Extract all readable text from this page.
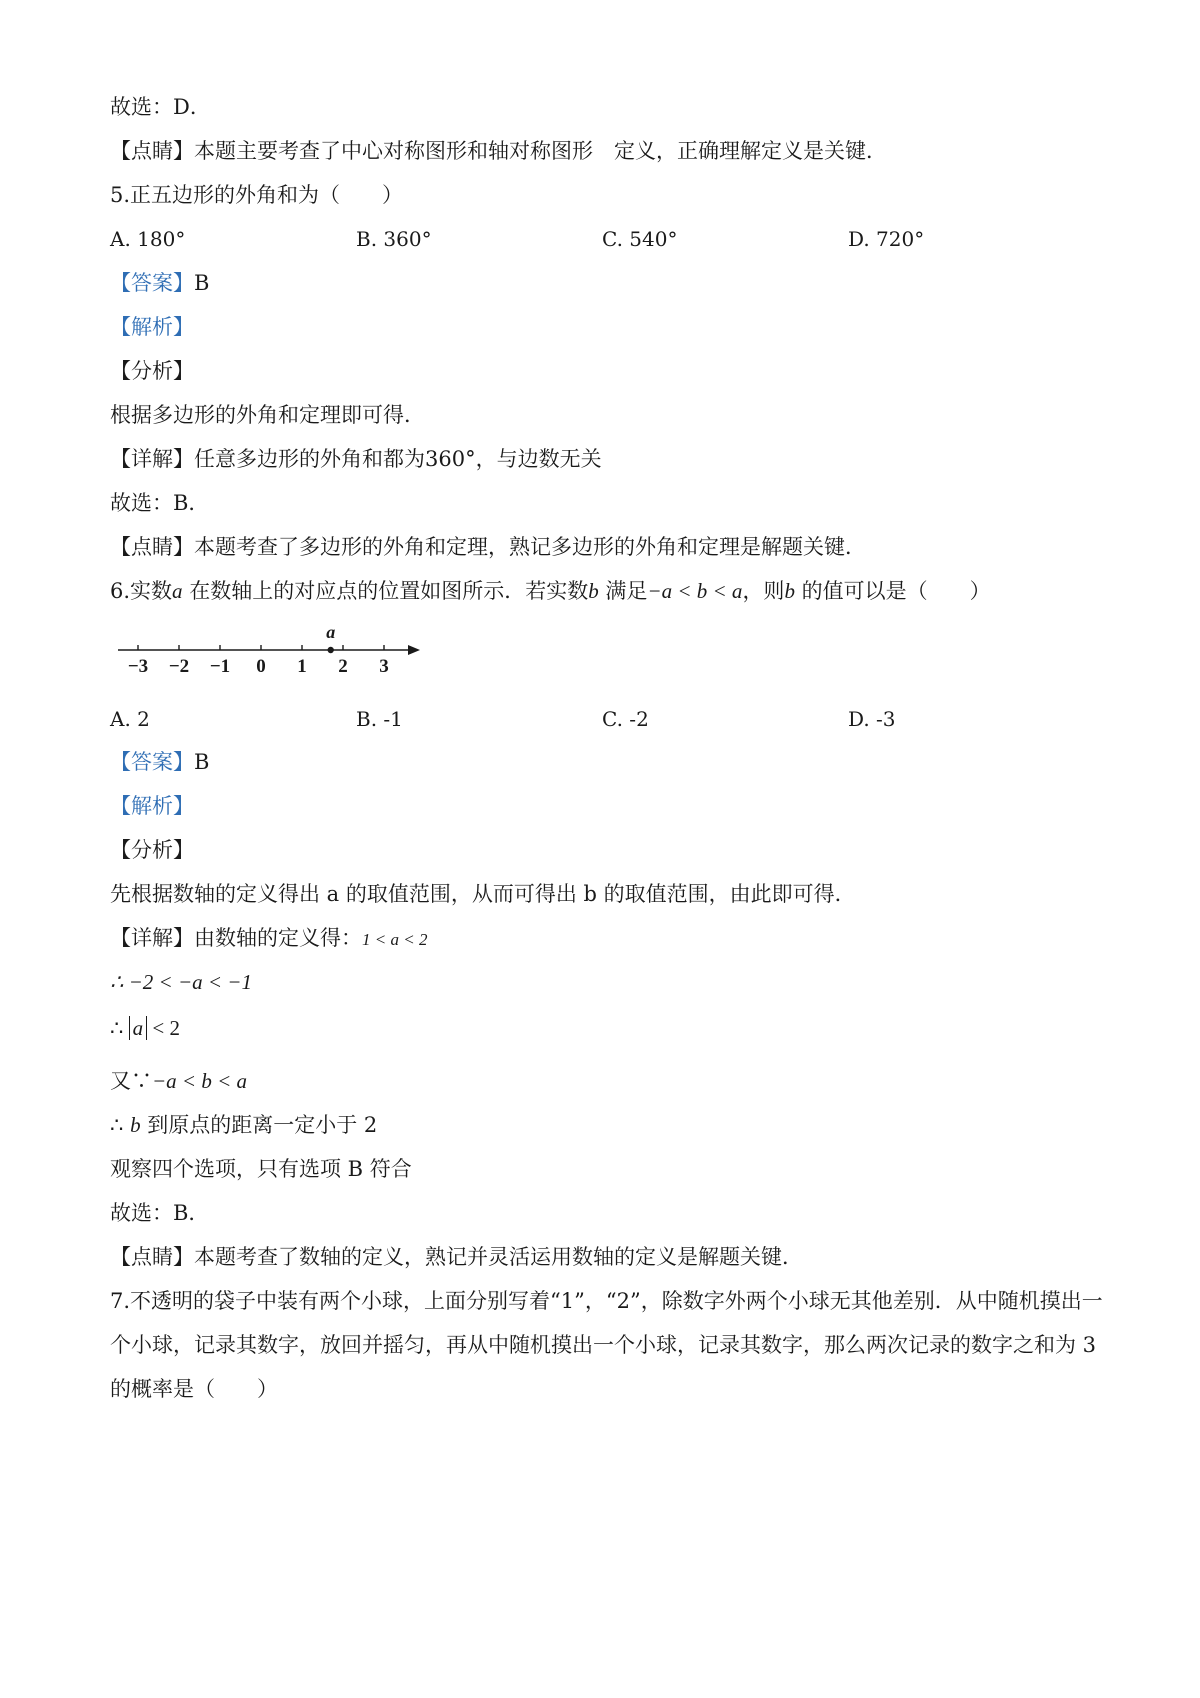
故选：D．
【点睛】本题主要考查了中心对称图形和轴对称图形　定义，正确理解定义是关键．
5.正五边形的外角和为（　　）
A. 180°	B. 360°	C. 540°	D. 720°
【答案】B
【解析】
【分析】
根据多边形的外角和定理即可得．
【详解】任意多边形的外角和都为360°，与边数无关
故选：B．
【点睛】本题考查了多边形的外角和定理，熟记多边形的外角和定理是解题关键．
6.实数a 在数轴上的对应点的位置如图所示．若实数b 满足−a < b < a，则b 的值可以是（　　）
−3 −2 −1 0 1 2 3
a
A. 2	B. -1	C. -2	D. -3
【答案】B
【解析】
【分析】
先根据数轴的定义得出 a 的取值范围，从而可得出 b 的取值范围，由此即可得．
【详解】由数轴的定义得：1 < a < 2
∴ −2 < −a < −1
∴ a < 2
又∵−a < b < a
∴ b 到原点的距离一定小于 2
观察四个选项，只有选项 B 符合
故选：B．
【点睛】本题考查了数轴的定义，熟记并灵活运用数轴的定义是解题关键．
7.不透明的袋子中装有两个小球，上面分别写着“1”，“2”，除数字外两个小球无其他差别．从中随机摸出一
个小球，记录其数字，放回并摇匀，再从中随机摸出一个小球，记录其数字，那么两次记录的数字之和为 3
的概率是（　　）
